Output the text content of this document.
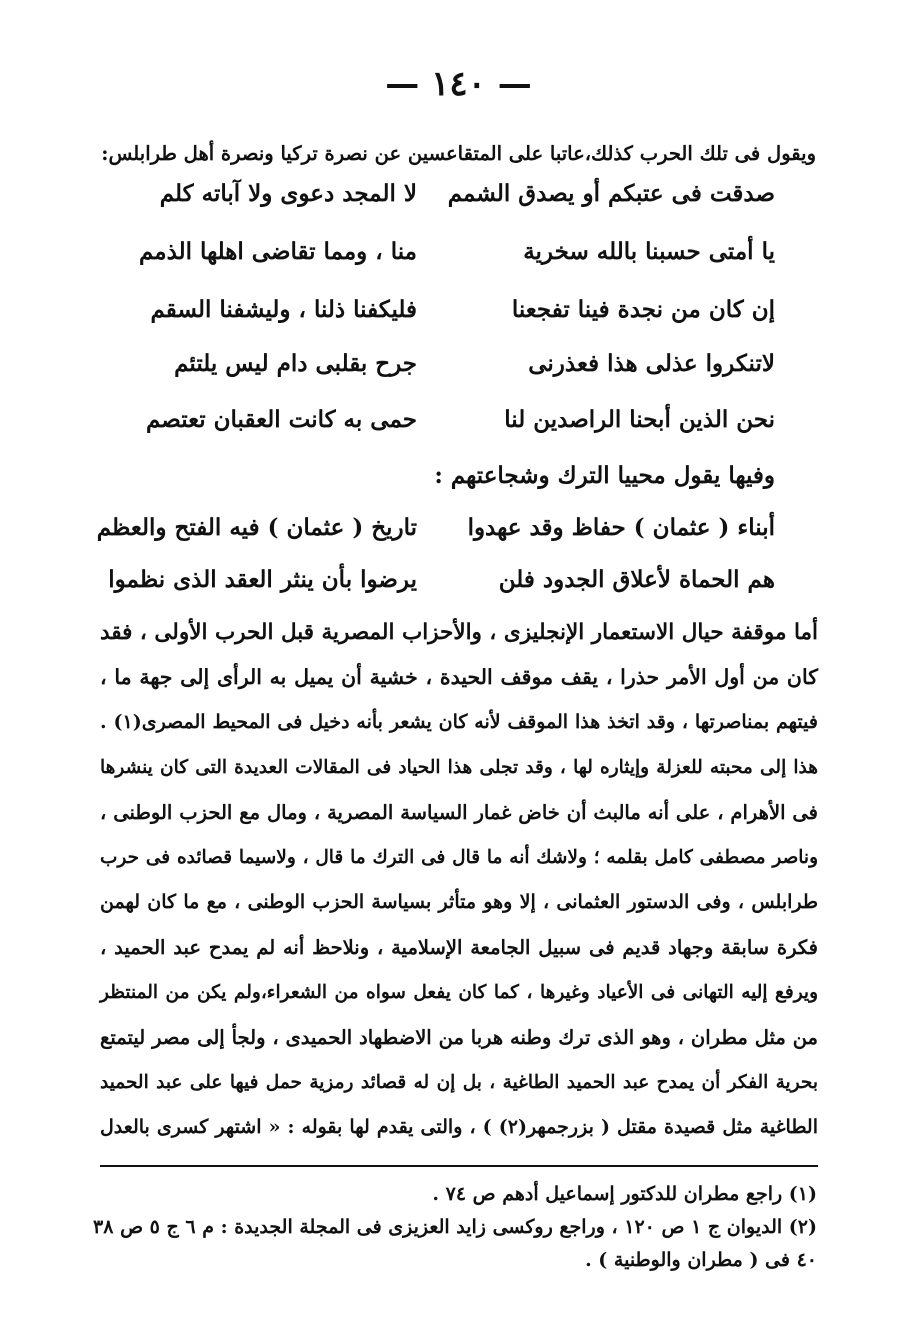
— ١٤٠ —
ويقول فى تلك الحرب كذلك،عاتبا على المتقاعسين عن نصرة تركيا ونصرة أهل طرابلس:
صدقت فى عتبكم أو يصدق الشمم
لا المجد دعوى ولا آباته كلم
يا أمتى حسبنا بالله سخرية
منا ، ومما تقاضى اهلها الذمم
إن كان من نجدة فينا تفجعنا
فليكفنا ذلنا ، وليشفنا السقم
لاتنكروا عذلى هذا فعذرنى
جرح بقلبى دام ليس يلتئم
نحن الذين أبحنا الراصدين لنا
حمى به كانت العقبان تعتصم
وفيها يقول محييا الترك وشجاعتهم :
أبناء ( عثمان ) حفاظ وقد عهدوا
تاريخ ( عثمان ) فيه الفتح والعظم
هم الحماة لأعلاق الجدود فلن
يرضوا بأن ينثر العقد الذى نظموا
أما موقفة حيال الاستعمار الإنجليزى ، والأحزاب المصرية قبل الحرب الأولى ، فقد
كان من أول الأمر حذرا ، يقف موقف الحيدة ، خشية أن يميل به الرأى إلى جهة ما ،
فيتهم بمناصرتها ، وقد اتخذ هذا الموقف لأنه كان يشعر بأنه دخيل فى المحيط المصرى(١) .
هذا إلى محبته للعزلة وإيثاره لها ، وقد تجلى هذا الحياد فى المقالات العديدة التى كان ينشرها
فى الأهرام ، على أنه مالبث أن خاض غمار السياسة المصرية ، ومال مع الحزب الوطنى ،
وناصر مصطفى كامل بقلمه ؛ ولاشك أنه ما قال فى الترك ما قال ، ولاسيما قصائده فى حرب
طرابلس ، وفى الدستور العثمانى ، إلا وهو متأثر بسياسة الحزب الوطنى ، مع ما كان لهمن
فكرة سابقة وجهاد قديم فى سبيل الجامعة الإسلامية ، ونلاحظ أنه لم يمدح عبد الحميد ،
ويرفع إليه التهانى فى الأعياد وغيرها ، كما كان يفعل سواه من الشعراء،ولم يكن من المنتظر
من مثل مطران ، وهو الذى ترك وطنه هربا من الاضطهاد الحميدى ، ولجأ إلى مصر ليتمتع
بحرية الفكر أن يمدح عبد الحميد الطاغية ، بل إن له قصائد رمزية حمل فيها على عبد الحميد
الطاغية مثل قصيدة مقتل ( بزرجمهر(٢) ) ، والتى يقدم لها بقوله : « اشتهر كسرى بالعدل
(١) راجع مطران للدكتور إسماعيل أدهم ص ٧٤ .
(٢) الديوان ج ١ ص ١٢٠ ، وراجع روكسى زايد العزيزى فى المجلة الجديدة : م ٦ ج ٥ ص ٣٨
٤٠ فى ( مطران والوطنية ) .
